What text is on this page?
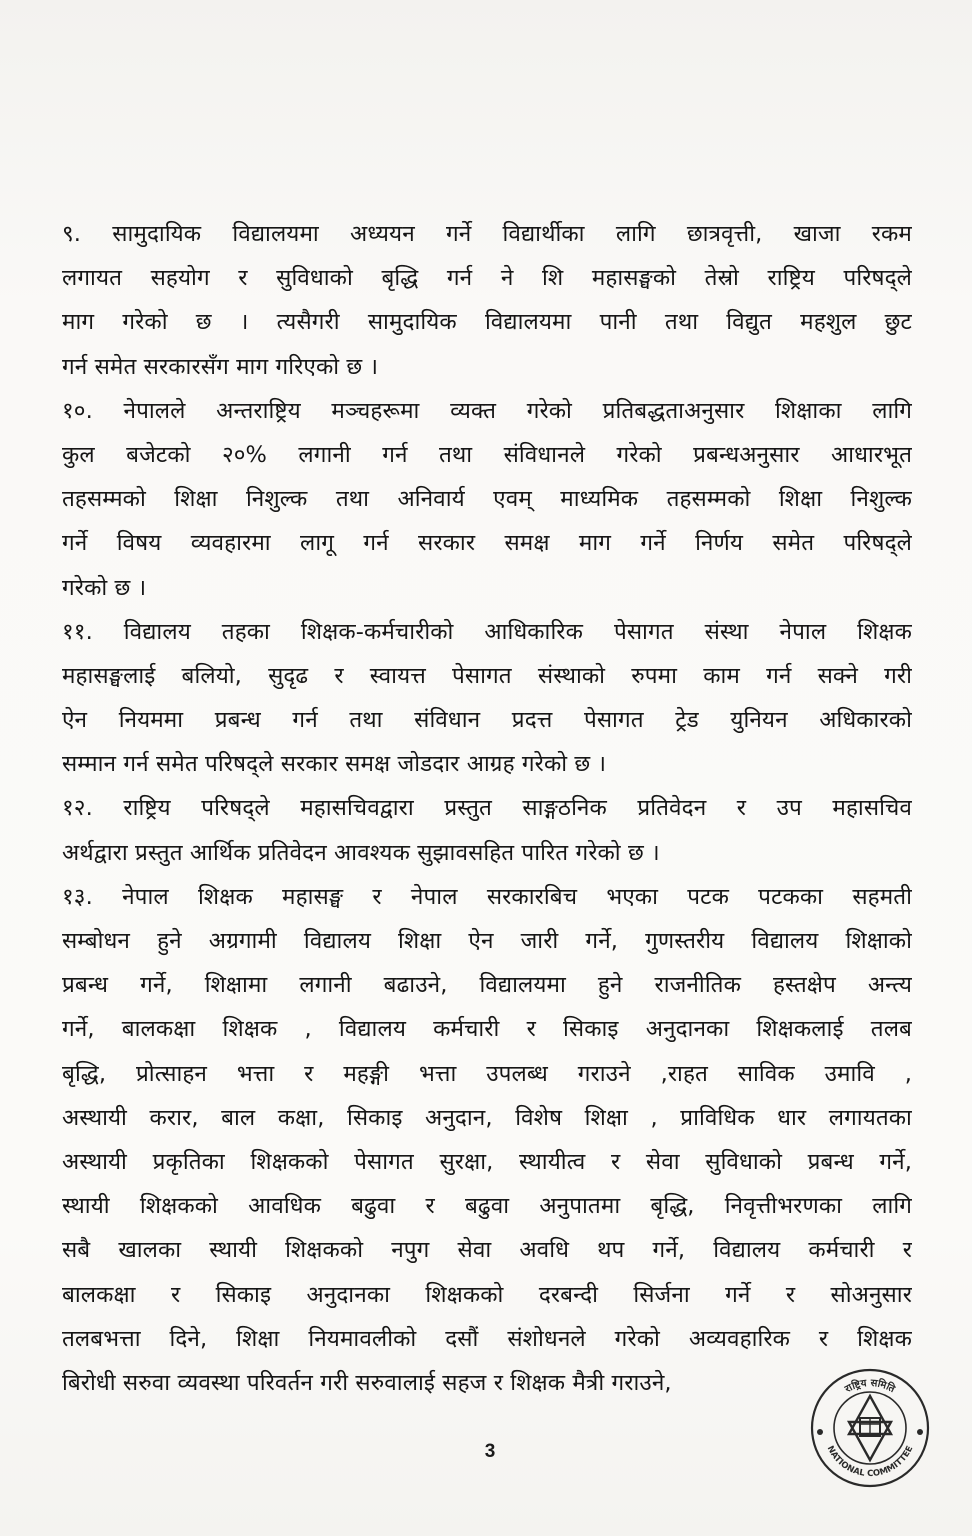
९. सामुदायिक विद्यालयमा अध्ययन गर्ने विद्यार्थीका लागि छात्रवृत्ती, खाजा रकम
लगायत सहयोग र सुविधाको बृद्धि गर्न ने शि महासङ्घको तेस्रो राष्ट्रिय परिषद्ले
माग गरेको छ । त्यसैगरी सामुदायिक विद्यालयमा पानी तथा विद्युत महशुल छुट
गर्न समेत सरकारसँग माग गरिएको छ ।
१०. नेपालले अन्तराष्ट्रिय मञ्चहरूमा व्यक्त गरेको प्रतिबद्धताअनुसार शिक्षाका लागि
कुल बजेटको २०% लगानी गर्न तथा संविधानले गरेको प्रबन्धअनुसार आधारभूत
तहसम्मको शिक्षा निशुल्क तथा अनिवार्य एवम् माध्यमिक तहसम्मको शिक्षा निशुल्क
गर्ने विषय व्यवहारमा लागू गर्न सरकार समक्ष माग गर्ने निर्णय समेत परिषद्ले
गरेको छ ।
११. विद्यालय तहका शिक्षक-कर्मचारीको आधिकारिक पेसागत संस्था नेपाल शिक्षक
महासङ्घलाई बलियो, सुदृढ र स्वायत्त पेसागत संस्थाको रुपमा काम गर्न सक्ने गरी
ऐन नियममा प्रबन्ध गर्न तथा संविधान प्रदत्त पेसागत ट्रेड युनियन अधिकारको
सम्मान गर्न समेत परिषद्ले सरकार समक्ष जोडदार आग्रह गरेको छ ।
१२. राष्ट्रिय परिषद्ले महासचिवद्वारा प्रस्तुत साङ्गठनिक प्रतिवेदन र उप महासचिव
अर्थद्वारा प्रस्तुत आर्थिक प्रतिवेदन आवश्यक सुझावसहित पारित गरेको छ ।
१३. नेपाल शिक्षक महासङ्घ र नेपाल सरकारबिच भएका पटक पटकका सहमती
सम्बोधन हुने अग्रगामी विद्यालय शिक्षा ऐन जारी गर्ने, गुणस्तरीय विद्यालय शिक्षाको
प्रबन्ध गर्ने, शिक्षामा लगानी बढाउने, विद्यालयमा हुने राजनीतिक हस्तक्षेप अन्त्य
गर्ने, बालकक्षा शिक्षक , विद्यालय कर्मचारी र सिकाइ अनुदानका शिक्षकलाई तलब
बृद्धि, प्रोत्साहन भत्ता र महङ्गी भत्ता उपलब्ध गराउने ,राहत साविक उमावि ,
अस्थायी करार, बाल कक्षा, सिकाइ अनुदान, विशेष शिक्षा , प्राविधिक धार लगायतका
अस्थायी प्रकृतिका शिक्षकको पेसागत सुरक्षा, स्थायीत्व र सेवा सुविधाको प्रबन्ध गर्ने,
स्थायी शिक्षकको आवधिक बढुवा र बढुवा अनुपातमा बृद्धि, निवृत्तीभरणका लागि
सबै खालका स्थायी शिक्षकको नपुग सेवा अवधि थप गर्ने, विद्यालय कर्मचारी र
बालकक्षा र सिकाइ अनुदानका शिक्षकको दरबन्दी सिर्जना गर्ने र सोअनुसार
तलबभत्ता दिने, शिक्षा नियमावलीको दसौं संशोधनले गरेको अव्यवहारिक र शिक्षक
बिरोधी सरुवा व्यवस्था परिवर्तन गरी सरुवालाई सहज र शिक्षक मैत्री गराउने,
3
राष्ट्रिय समिति
NATIONAL COMMITTEE
